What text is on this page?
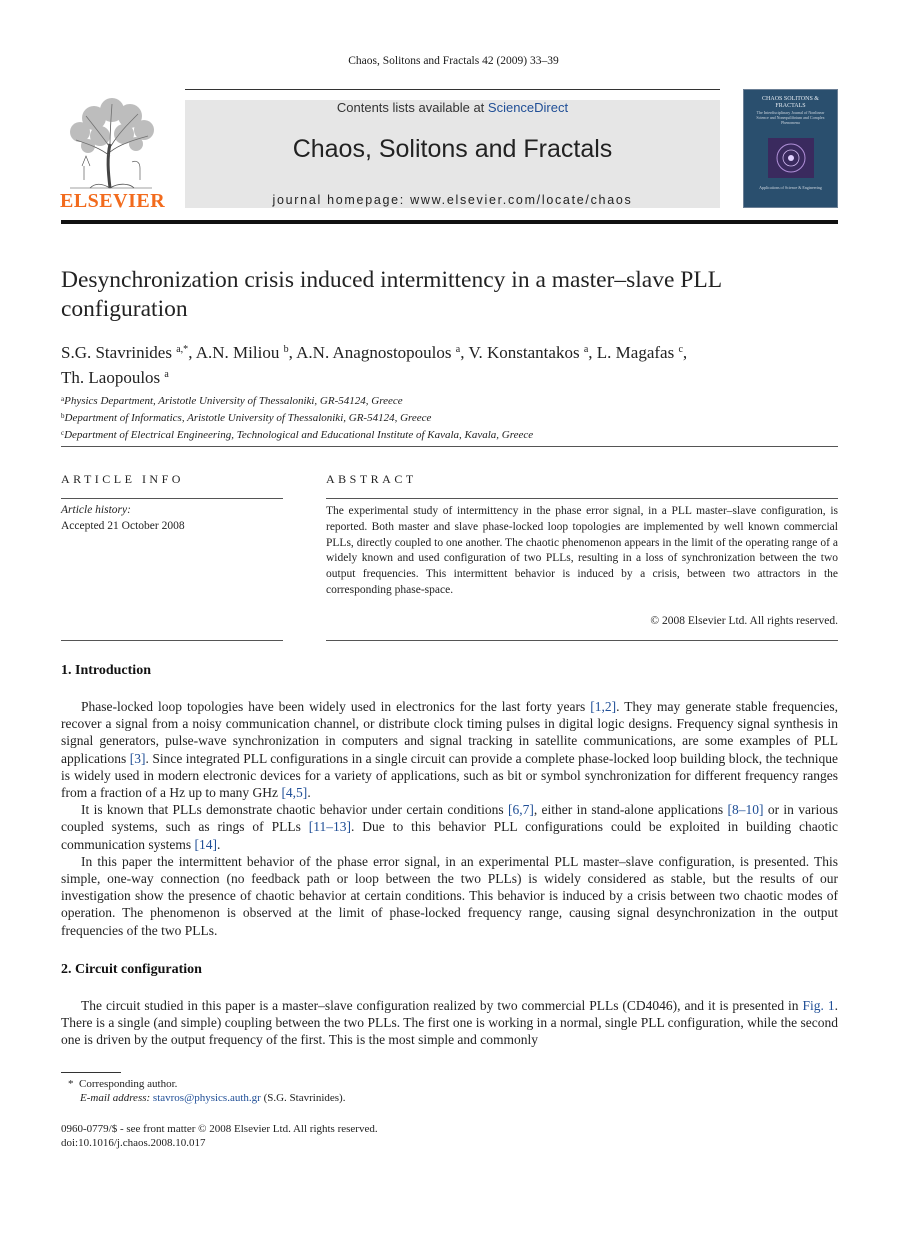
Chaos, Solitons and Fractals 42 (2009) 33–39
ELSEVIER
Contents lists available at ScienceDirect
Chaos, Solitons and Fractals
journal homepage: www.elsevier.com/locate/chaos
CHAOS SOLITONS & FRACTALS
The Interdisciplinary Journal of Nonlinear Science and Nonequilibrium and Complex Phenomena
Applications of Science & Engineering
Desynchronization crisis induced intermittency in a master–slave PLL configuration
S.G. Stavrinides $^{a,*}$, A.N. Miliou $^b$, A.N. Anagnostopoulos $^a$, V. Konstantakos $^a$, L. Magafas $^c$,
Th. Laopoulos $^a$
$^a$Physics Department, Aristotle University of Thessaloniki, GR-54124, Greece
$^b$Department of Informatics, Aristotle University of Thessaloniki, GR-54124, Greece
$^c$Department of Electrical Engineering, Technological and Educational Institute of Kavala, Kavala, Greece
ARTICLE INFO
Article history:
Accepted 21 October 2008
ABSTRACT
The experimental study of intermittency in the phase error signal, in a PLL master–slave configuration, is reported. Both master and slave phase-locked loop topologies are implemented by well known commercial PLLs, directly coupled to one another. The chaotic phenomenon appears in the limit of the operating range of a widely known and used configuration of two PLLs, resulting in a loss of synchronization between the two output frequencies. This intermittent behavior is induced by a crisis, between two attractors in the corresponding phase-space.
© 2008 Elsevier Ltd. All rights reserved.
1. Introduction

Phase-locked loop topologies have been widely used in electronics for the last forty years [1,2]. They may generate stable frequencies, recover a signal from a noisy communication channel, or distribute clock timing pulses in digital logic designs. Frequency signal synthesis in signal generators, pulse-wave synchronization in computers and signal tracking in satellite communications, are some examples of PLL applications [3]. Since integrated PLL configurations in a single circuit can provide a complete phase-locked loop building block, the technique is widely used in modern electronic devices for a variety of applications, such as bit or symbol synchronization for different frequency ranges from a fraction of a Hz up to many GHz [4,5].

It is known that PLLs demonstrate chaotic behavior under certain conditions [6,7], either in stand-alone applications [8–10] or in various coupled systems, such as rings of PLLs [11–13]. Due to this behavior PLL configurations could be exploited in building chaotic communication systems [14].

In this paper the intermittent behavior of the phase error signal, in an experimental PLL master–slave configuration, is presented. This simple, one-way connection (no feedback path or loop between the two PLLs) is widely considered as stable, but the results of our investigation show the presence of chaotic behavior at certain conditions. This behavior is induced by a crisis between two chaotic modes of operation. The phenomenon is observed at the limit of phase-locked frequency range, causing signal desynchronization in the output frequencies of the two PLLs.

2. Circuit configuration

The circuit studied in this paper is a master–slave configuration realized by two commercial PLLs (CD4046), and it is presented in Fig. 1. There is a single (and simple) coupling between the two PLLs. The first one is working in a normal, single PLL configuration, while the second one is driven by the output frequency of the first. This is the most simple and commonly

* Corresponding author.
E-mail address: stavros@physics.auth.gr (S.G. Stavrinides).
0960-0779/$ - see front matter © 2008 Elsevier Ltd. All rights reserved.
doi:10.1016/j.chaos.2008.10.017
